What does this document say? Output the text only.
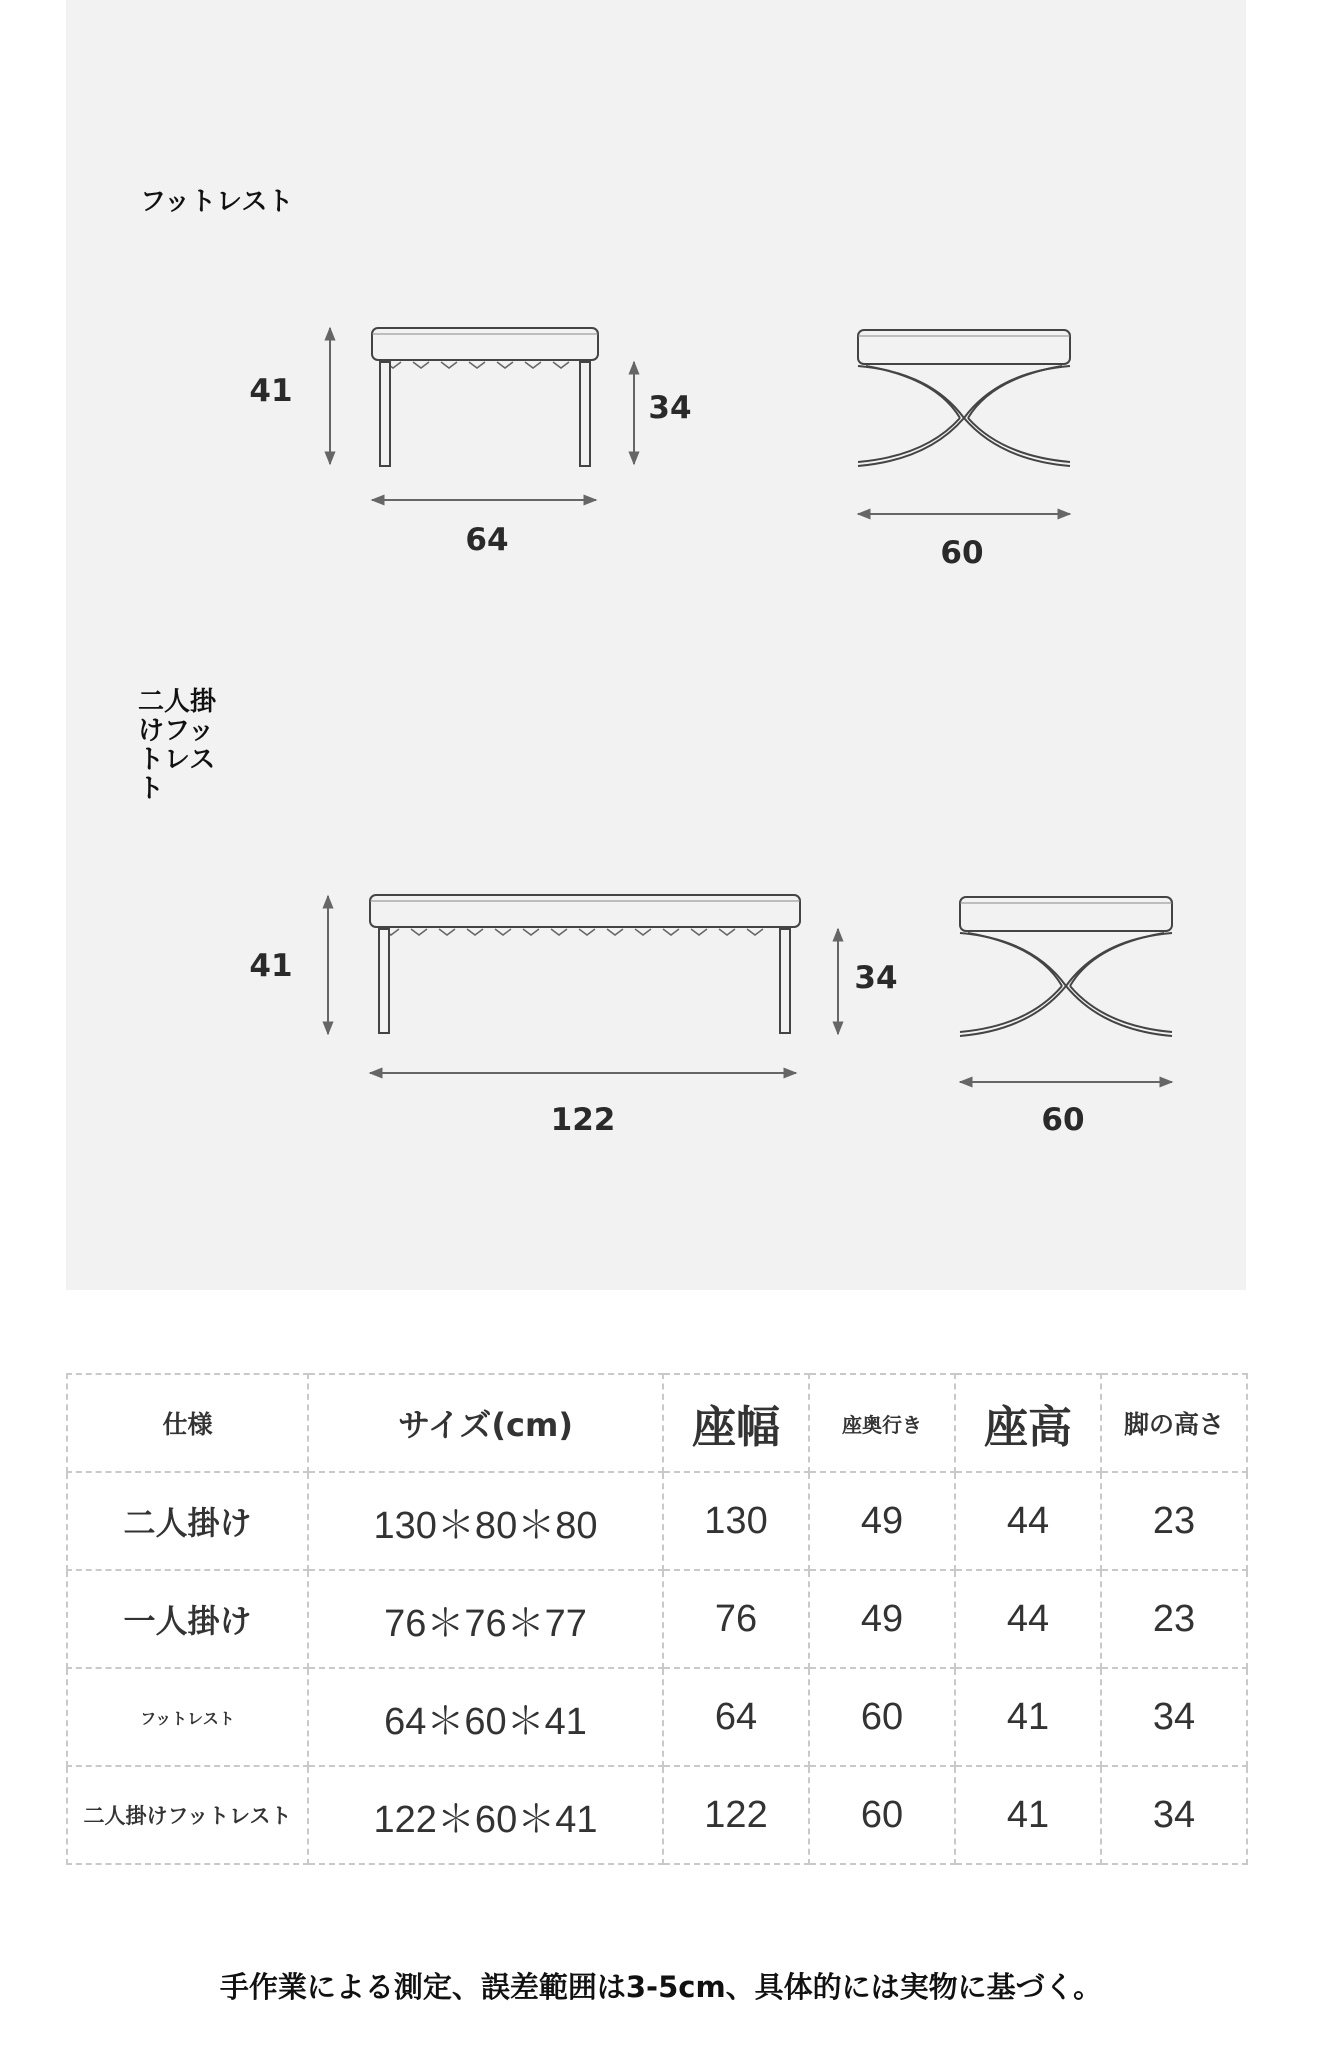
フットレスト
二人掛けフットレスト
41	34
64	60
41	34
122	60
仕様	サイズ(cm)	座幅	座奥行き	座高	脚の高さ
二人掛け	130＊80＊80	130	49	44	23
一人掛け	76＊76＊77	76	49	44	23
フットレスト	64＊60＊41	64	60	41	34
二人掛けフットレスト	122＊60＊41	122	60	41	34
手作業による測定、誤差範囲は3-5cm、具体的には実物に基づく。
